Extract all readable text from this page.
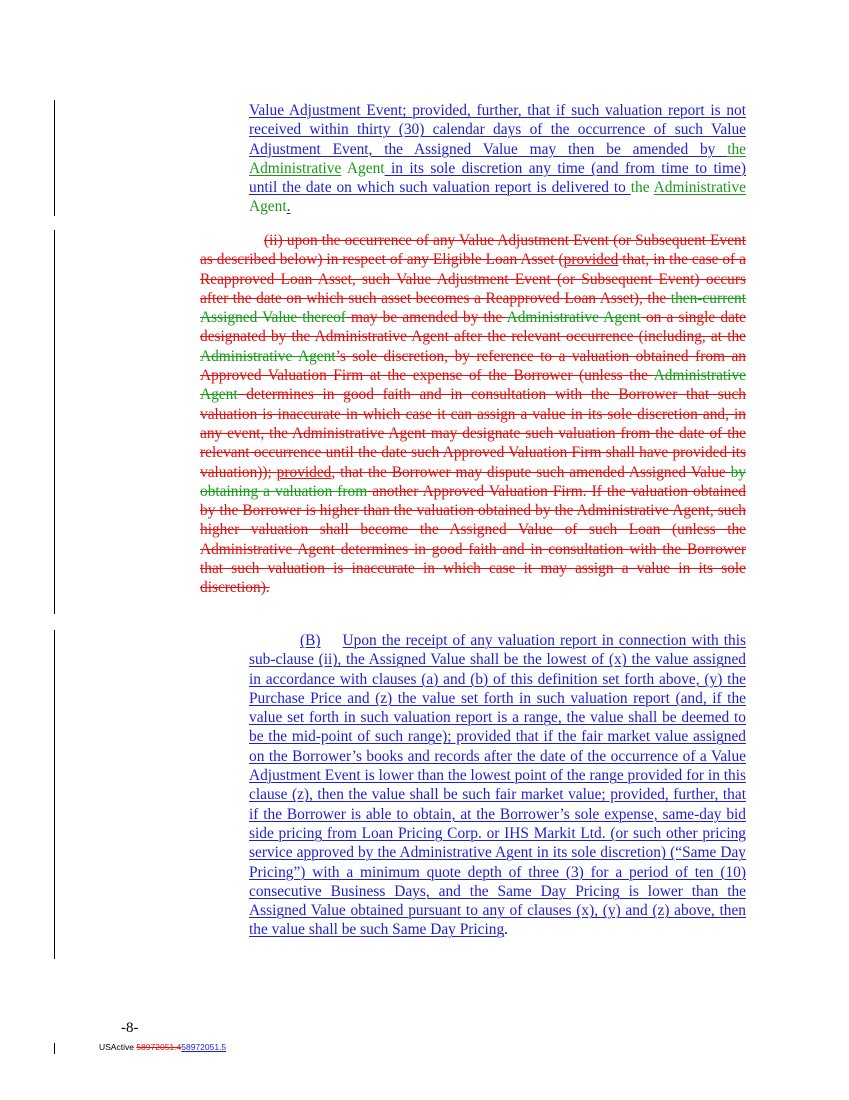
Value Adjustment Event; provided, further, that if such valuation report is not received within thirty (30) calendar days of the occurrence of such Value Adjustment Event, the Assigned Value may then be amended by the Administrative Agent in its sole discretion any time (and from time to time) until the date on which such valuation report is delivered to the Administrative Agent.
(ii) upon the occurrence of any Value Adjustment Event (or Subsequent Event as described below) in respect of any Eligible Loan Asset (provided that, in the case of a Reapproved Loan Asset, such Value Adjustment Event (or Subsequent Event) occurs after the date on which such asset becomes a Reapproved Loan Asset), the then-current Assigned Value thereof may be amended by the Administrative Agent on a single date designated by the Administrative Agent after the relevant occurrence (including, at the Administrative Agent’s sole discretion, by reference to a valuation obtained from an Approved Valuation Firm at the expense of the Borrower (unless the Administrative Agent determines in good faith and in consultation with the Borrower that such valuation is inaccurate in which case it can assign a value in its sole discretion and, in any event, the Administrative Agent may designate such valuation from the date of the relevant occurrence until the date such Approved Valuation Firm shall have provided its valuation)); provided, that the Borrower may dispute such amended Assigned Value by obtaining a valuation from another Approved Valuation Firm. If the valuation obtained by the Borrower is higher than the valuation obtained by the Administrative Agent, such higher valuation shall become the Assigned Value of such Loan (unless the Administrative Agent determines in good faith and in consultation with the Borrower that such valuation is inaccurate in which case it may assign a value in its sole discretion).
(B) Upon the receipt of any valuation report in connection with this sub-clause (ii), the Assigned Value shall be the lowest of (x) the value assigned in accordance with clauses (a) and (b) of this definition set forth above, (y) the Purchase Price and (z) the value set forth in such valuation report (and, if the value set forth in such valuation report is a range, the value shall be deemed to be the mid-point of such range); provided that if the fair market value assigned on the Borrower’s books and records after the date of the occurrence of a Value Adjustment Event is lower than the lowest point of the range provided for in this clause (z), then the value shall be such fair market value; provided, further, that if the Borrower is able to obtain, at the Borrower’s sole expense, same-day bid side pricing from Loan Pricing Corp. or IHS Markit Ltd. (or such other pricing service approved by the Administrative Agent in its sole discretion) (“Same Day Pricing”) with a minimum quote depth of three (3) for a period of ten (10) consecutive Business Days, and the Same Day Pricing is lower than the Assigned Value obtained pursuant to any of clauses (x), (y) and (z) above, then the value shall be such Same Day Pricing.
-8-
USActive 58972051.458972051.5
